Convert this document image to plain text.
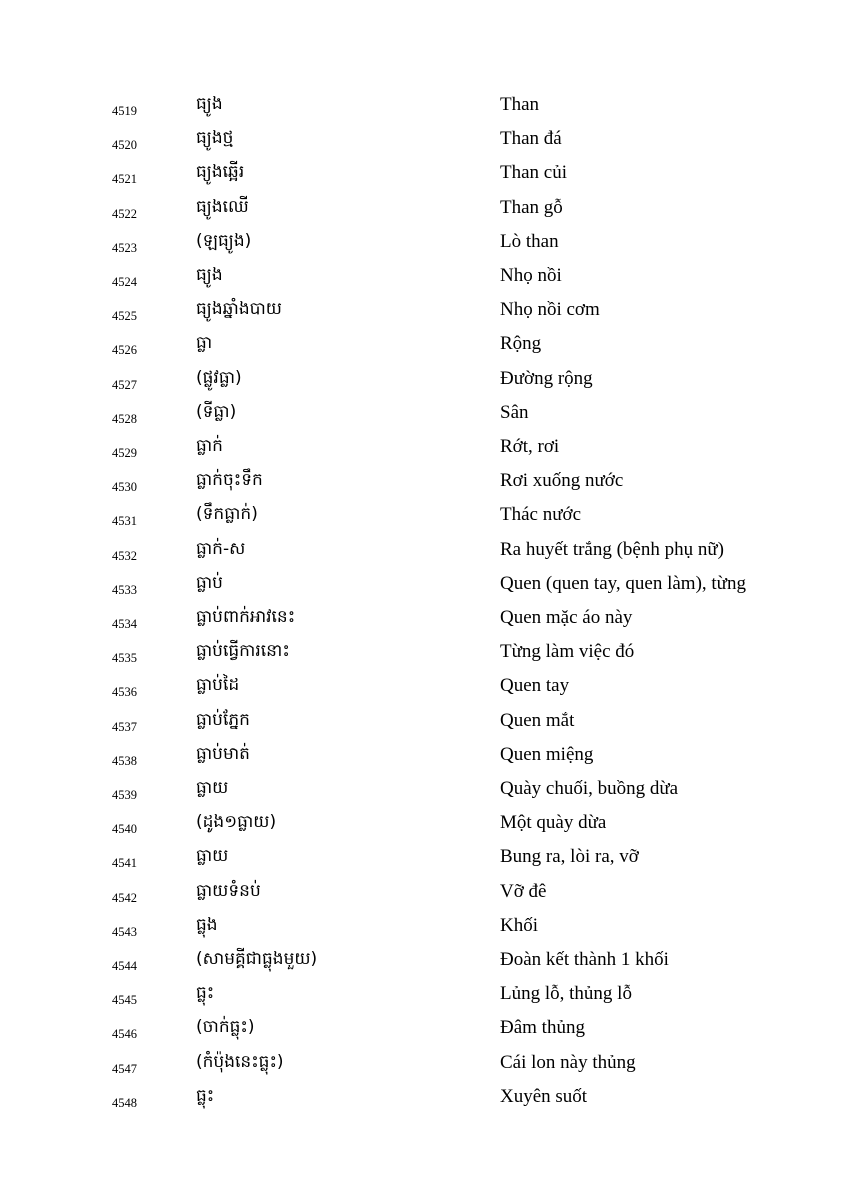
4519	ធ្យូង	Than
4520	ធ្យូងថ្ម	Than đá
4521	ធ្យូងឆ្អើរ	Than củi
4522	ធ្យូងឈើ	Than gỗ
4523	(ឡធ្យូង)	Lò than
4524	ធ្យូង	Nhọ nồi
4525	ធ្យូងឆ្នាំងបាយ	Nhọ nồi cơm
4526	ធ្លា	Rộng
4527	(ផ្លូវធ្លា)	Đường rộng
4528	(ទីធ្លា)	Sân
4529	ធ្លាក់	Rớt, rơi
4530	ធ្លាក់ចុះទឹក	Rơi xuống nước
4531	(ទឹកធ្លាក់)	Thác nước
4532	ធ្លាក់-ស	Ra huyết trắng (bệnh phụ nữ)
4533	ធ្លាប់	Quen (quen tay, quen làm), từng
4534	ធ្លាប់ពាក់អាវនេះ	Quen mặc áo này
4535	ធ្លាប់ធ្វើការនោះ	Từng làm việc đó
4536	ធ្លាប់ដៃ	Quen tay
4537	ធ្លាប់ភ្នែក	Quen mắt
4538	ធ្លាប់មាត់	Quen miệng
4539	ធ្លាយ	Quày chuối, buồng dừa
4540	(ដូង១ធ្លាយ)	Một quày dừa
4541	ធ្លាយ	Bung ra, lòi ra, vỡ
4542	ធ្លាយទំនប់	Vỡ đê
4543	ធ្លុង	Khối
4544	(សាមគ្គីជាធ្លុងមួយ)	Đoàn kết thành 1 khối
4545	ធ្លុះ	Lủng lỗ, thủng lỗ
4546	(ចាក់ធ្លុះ)	Đâm thủng
4547	(កំប៉ុងនេះធ្លុះ)	Cái lon này thủng
4548	ធ្លុះ	Xuyên suốt
